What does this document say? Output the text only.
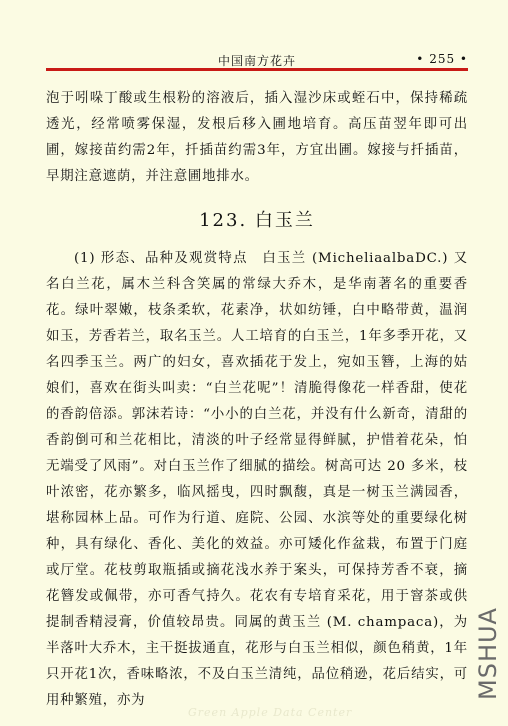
中国南方花卉	• 255 •

泡于吲哚丁酸或生根粉的溶液后，插入湿沙床或蛭石中，保持稀疏透光，经常喷雾保湿，发根后移入圃地培育。高压苗翌年即可出圃，嫁接苗约需2年，扦插苗约需3年，方宜出圃。嫁接与扦插苗，早期注意遮荫，并注意圃地排水。

123. 白玉兰

(1) 形态、品种及观赏特点　白玉兰 (MicheliaalbaDC.) 又名白兰花，属木兰科含笑属的常绿大乔木，是华南著名的重要香花。绿叶翠嫩，枝条柔软，花素净，状如纺锤，白中略带黄，温润如玉，芳香若兰，取名玉兰。人工培育的白玉兰，1年多季开花，又名四季玉兰。两广的妇女，喜欢插花于发上，宛如玉簪，上海的姑娘们，喜欢在街头叫卖：“白兰花呢”！清脆得像花一样香甜，使花的香韵倍添。郭沫若诗：“小小的白兰花，并没有什么新奇，清甜的香韵倒可和兰花相比，清淡的叶子经常显得鲜腻，护惜着花朵，怕无端受了风雨”。对白玉兰作了细腻的描绘。树高可达 20 多米，枝叶浓密，花亦繁多，临风摇曳，四时飘馥，真是一树玉兰满园香，堪称园林上品。可作为行道、庭院、公园、水滨等处的重要绿化树种，具有绿化、香化、美化的效益。亦可矮化作盆栽，布置于门庭或厅堂。花枝剪取瓶插或摘花浅水养于案头，可保持芳香不衰，摘花簪发或佩带，亦可香气持久。花农有专培育采花，用于窨茶或供提制香精浸膏，价值较昂贵。同属的黄玉兰 (M. champaca)，为半落叶大乔木，主干挺拔通直，花形与白玉兰相似，颜色稍黄，1年只开花1次，香味略浓，不及白玉兰清纯，品位稍逊，花后结实，可用种繁殖，亦为

Green Apple Data Center
MSHUA
